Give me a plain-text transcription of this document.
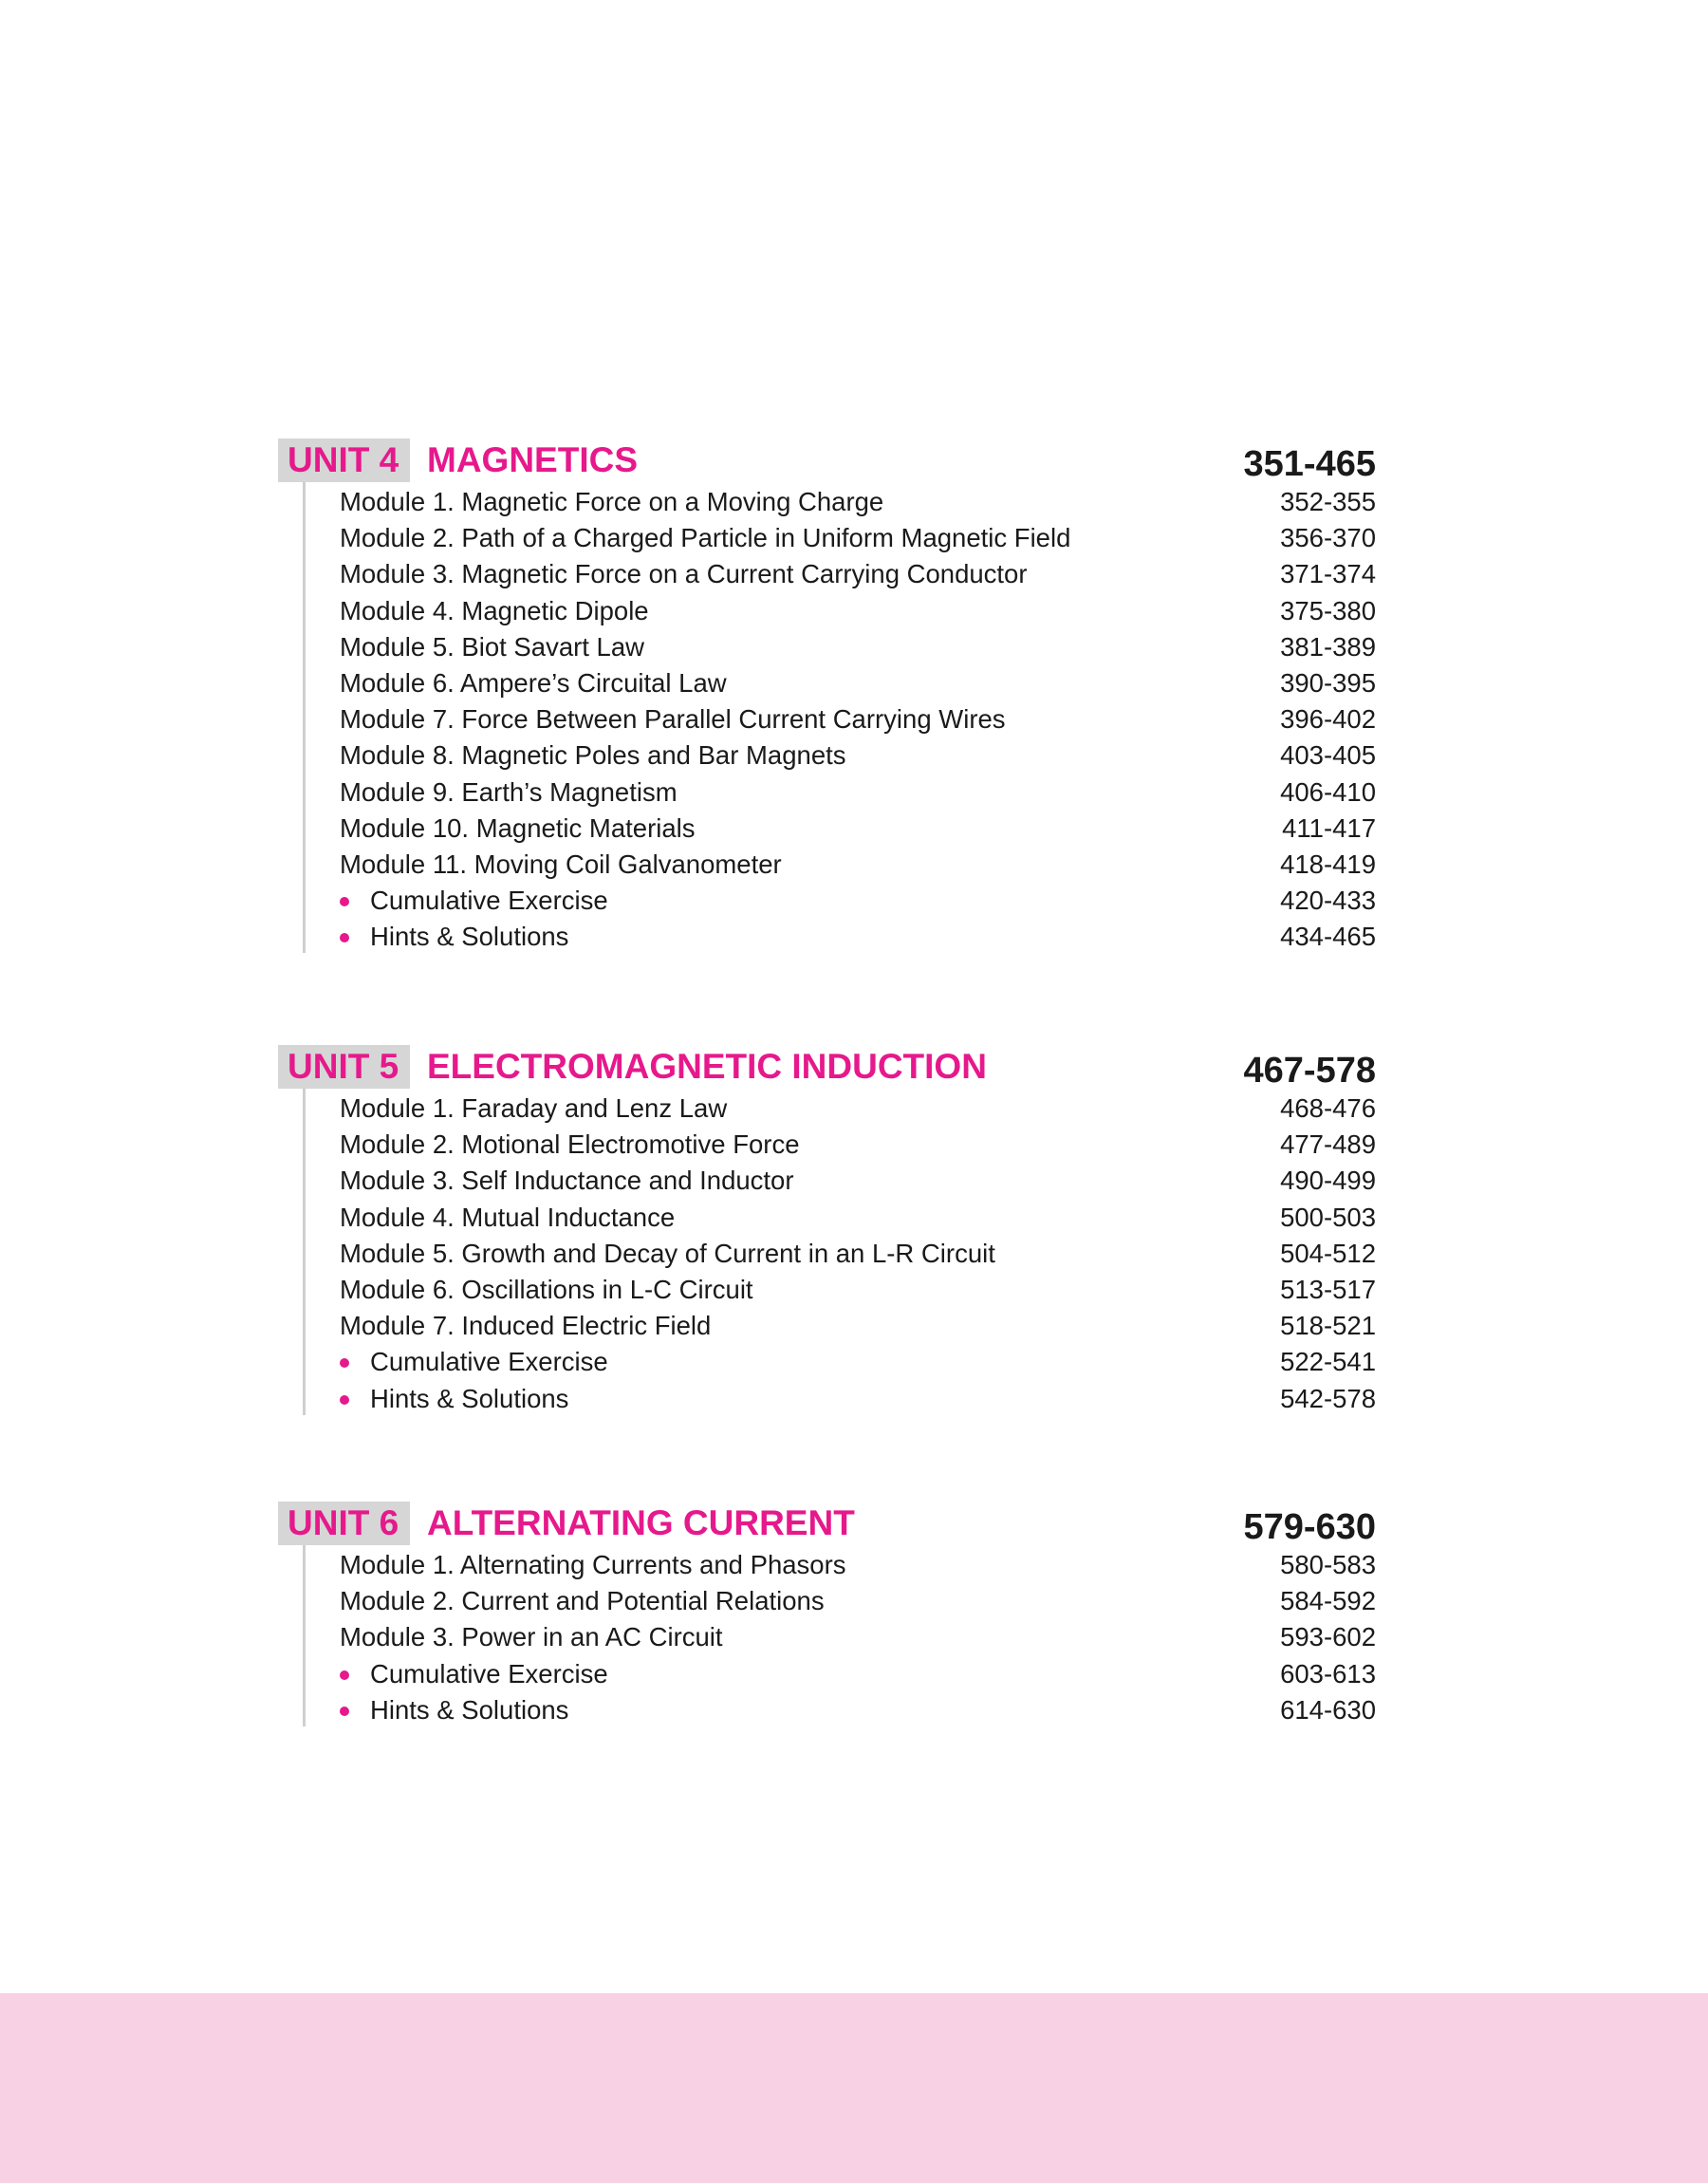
UNIT 4 MAGNETICS	351-465
Module 1. Magnetic Force on a Moving Charge	352-355
Module 2. Path of a Charged Particle in Uniform Magnetic Field	356-370
Module 3. Magnetic Force on a Current Carrying Conductor	371-374
Module 4. Magnetic Dipole	375-380
Module 5. Biot Savart Law	381-389
Module 6. Ampere’s Circuital Law	390-395
Module 7. Force Between Parallel Current Carrying Wires	396-402
Module 8. Magnetic Poles and Bar Magnets	403-405
Module 9. Earth’s Magnetism	406-410
Module 10. Magnetic Materials	411-417
Module 11. Moving Coil Galvanometer	418-419
Cumulative Exercise	420-433
Hints & Solutions	434-465
UNIT 5 ELECTROMAGNETIC INDUCTION	467-578
Module 1. Faraday and Lenz Law	468-476
Module 2. Motional Electromotive Force	477-489
Module 3. Self Inductance and Inductor	490-499
Module 4. Mutual Inductance	500-503
Module 5. Growth and Decay of Current in an L-R Circuit	504-512
Module 6. Oscillations in L-C Circuit	513-517
Module 7. Induced Electric Field	518-521
Cumulative Exercise	522-541
Hints & Solutions	542-578
UNIT 6 ALTERNATING CURRENT	579-630
Module 1. Alternating Currents and Phasors	580-583
Module 2. Current and Potential Relations	584-592
Module 3. Power in an AC Circuit	593-602
Cumulative Exercise	603-613
Hints & Solutions	614-630
